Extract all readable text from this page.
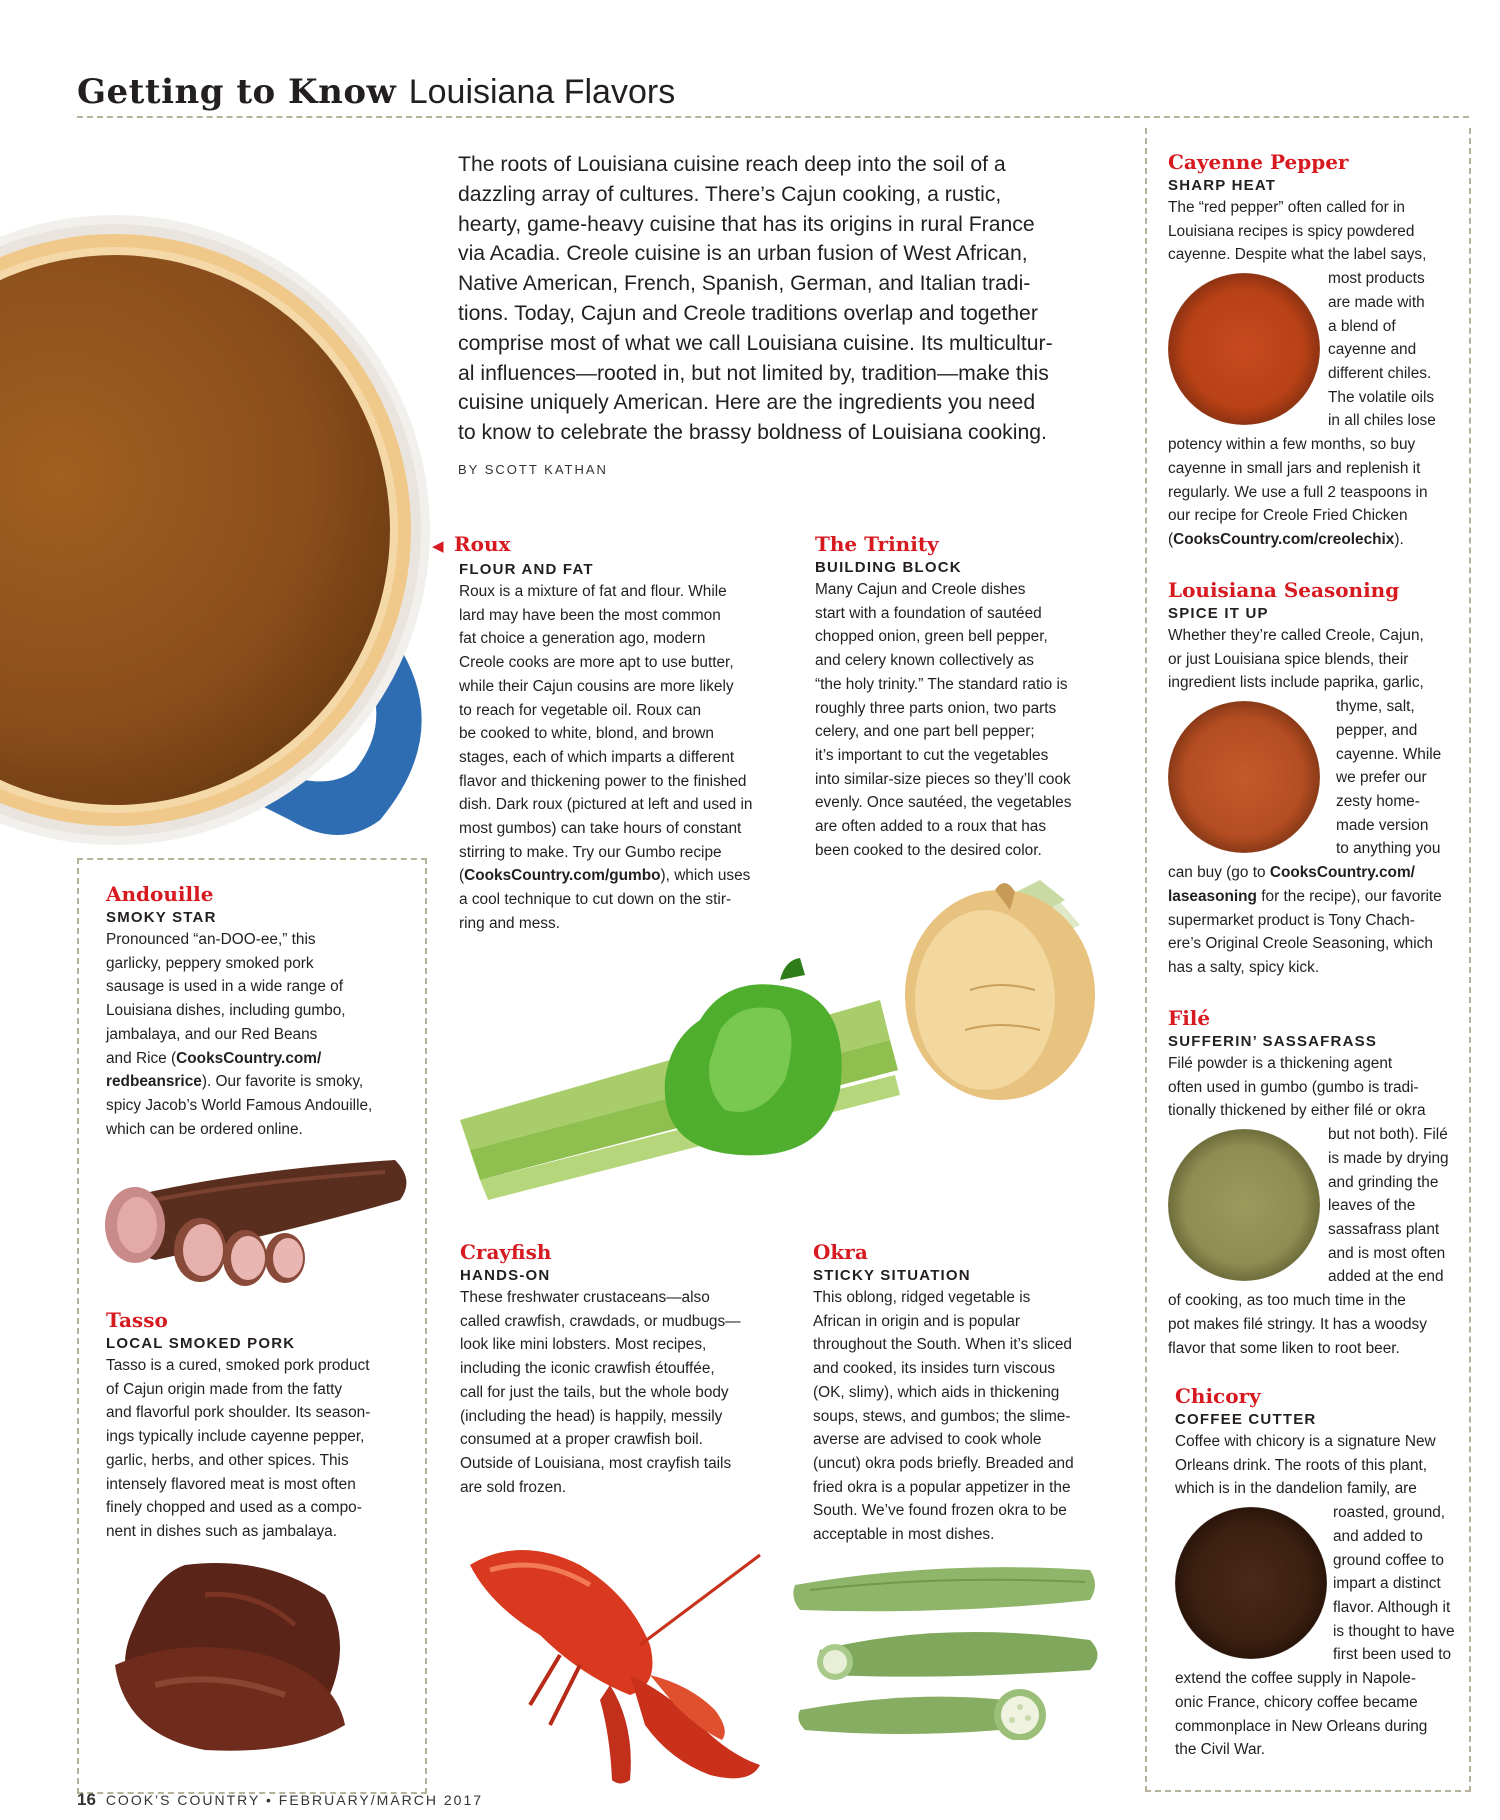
Getting to Know Louisiana Flavors
The roots of Louisiana cuisine reach deep into the soil of a
dazzling array of cultures. There’s Cajun cooking, a rustic,
hearty, game-heavy cuisine that has its origins in rural France
via Acadia. Creole cuisine is an urban fusion of West African,
Native American, French, Spanish, German, and Italian tradi-
tions. Today, Cajun and Creole traditions overlap and together
comprise most of what we call Louisiana cuisine. Its multicultur-
al influences—rooted in, but not limited by, tradition—make this
cuisine uniquely American. Here are the ingredients you need
to know to celebrate the brassy boldness of Louisiana cooking.
BY SCOTT KATHAN
◀ Roux
FLOUR AND FAT
Roux is a mixture of fat and flour. While
lard may have been the most common
fat choice a generation ago, modern
Creole cooks are more apt to use butter,
while their Cajun cousins are more likely
to reach for vegetable oil. Roux can
be cooked to white, blond, and brown
stages, each of which imparts a different
flavor and thickening power to the finished
dish. Dark roux (pictured at left and used in
most gumbos) can take hours of constant
stirring to make. Try our Gumbo recipe
(CooksCountry.com/gumbo), which uses
a cool technique to cut down on the stir-
ring and mess.
The Trinity
BUILDING BLOCK
Many Cajun and Creole dishes
start with a foundation of sautéed
chopped onion, green bell pepper,
and celery known collectively as
“the holy trinity.” The standard ratio is
roughly three parts onion, two parts
celery, and one part bell pepper;
it’s important to cut the vegetables
into similar-size pieces so they’ll cook
evenly. Once sautéed, the vegetables
are often added to a roux that has
been cooked to the desired color.
Andouille
SMOKY STAR
Pronounced “an-DOO-ee,” this
garlicky, peppery smoked pork
sausage is used in a wide range of
Louisiana dishes, including gumbo,
jambalaya, and our Red Beans
and Rice (CooksCountry.com/
redbeansrice). Our favorite is smoky,
spicy Jacob’s World Famous Andouille,
which can be ordered online.
Tasso
LOCAL SMOKED PORK
Tasso is a cured, smoked pork product
of Cajun origin made from the fatty
and flavorful pork shoulder. Its season-
ings typically include cayenne pepper,
garlic, herbs, and other spices. This
intensely flavored meat is most often
finely chopped and used as a compo-
nent in dishes such as jambalaya.
Crayfish
HANDS-ON
These freshwater crustaceans—also
called crawfish, crawdads, or mudbugs—
look like mini lobsters. Most recipes,
including the iconic crawfish étouffée,
call for just the tails, but the whole body
(including the head) is happily, messily
consumed at a proper crawfish boil.
Outside of Louisiana, most crayfish tails
are sold frozen.
Okra
STICKY SITUATION
This oblong, ridged vegetable is
African in origin and is popular
throughout the South. When it’s sliced
and cooked, its insides turn viscous
(OK, slimy), which aids in thickening
soups, stews, and gumbos; the slime-
averse are advised to cook whole
(uncut) okra pods briefly. Breaded and
fried okra is a popular appetizer in the
South. We’ve found frozen okra to be
acceptable in most dishes.
Cayenne Pepper
SHARP HEAT
The “red pepper” often called for in
Louisiana recipes is spicy powdered
cayenne. Despite what the label says,
most products
are made with
a blend of
cayenne and
different chiles.
The volatile oils
in all chiles lose
potency within a few months, so buy
cayenne in small jars and replenish it
regularly. We use a full 2 teaspoons in
our recipe for Creole Fried Chicken
(CooksCountry.com/creolechix).
Louisiana Seasoning
SPICE IT UP
Whether they’re called Creole, Cajun,
or just Louisiana spice blends, their
ingredient lists include paprika, garlic,
thyme, salt,
pepper, and
cayenne. While
we prefer our
zesty home-
made version
to anything you
can buy (go to CooksCountry.com/
laseasoning for the recipe), our favorite
supermarket product is Tony Chach-
ere’s Original Creole Seasoning, which
has a salty, spicy kick.
Filé
SUFFERIN’ SASSAFRASS
Filé powder is a thickening agent
often used in gumbo (gumbo is tradi-
tionally thickened by either filé or okra
but not both). Filé
is made by drying
and grinding the
leaves of the
sassafrass plant
and is most often
added at the end
of cooking, as too much time in the
pot makes filé stringy. It has a woodsy
flavor that some liken to root beer.
Chicory
COFFEE CUTTER
Coffee with chicory is a signature New
Orleans drink. The roots of this plant,
which is in the dandelion family, are
roasted, ground,
and added to
ground coffee to
impart a distinct
flavor. Although it
is thought to have
first been used to
extend the coffee supply in Napole-
onic France, chicory coffee became
commonplace in New Orleans during
the Civil War.
16 COOK’S COUNTRY • FEBRUARY/MARCH 2017
